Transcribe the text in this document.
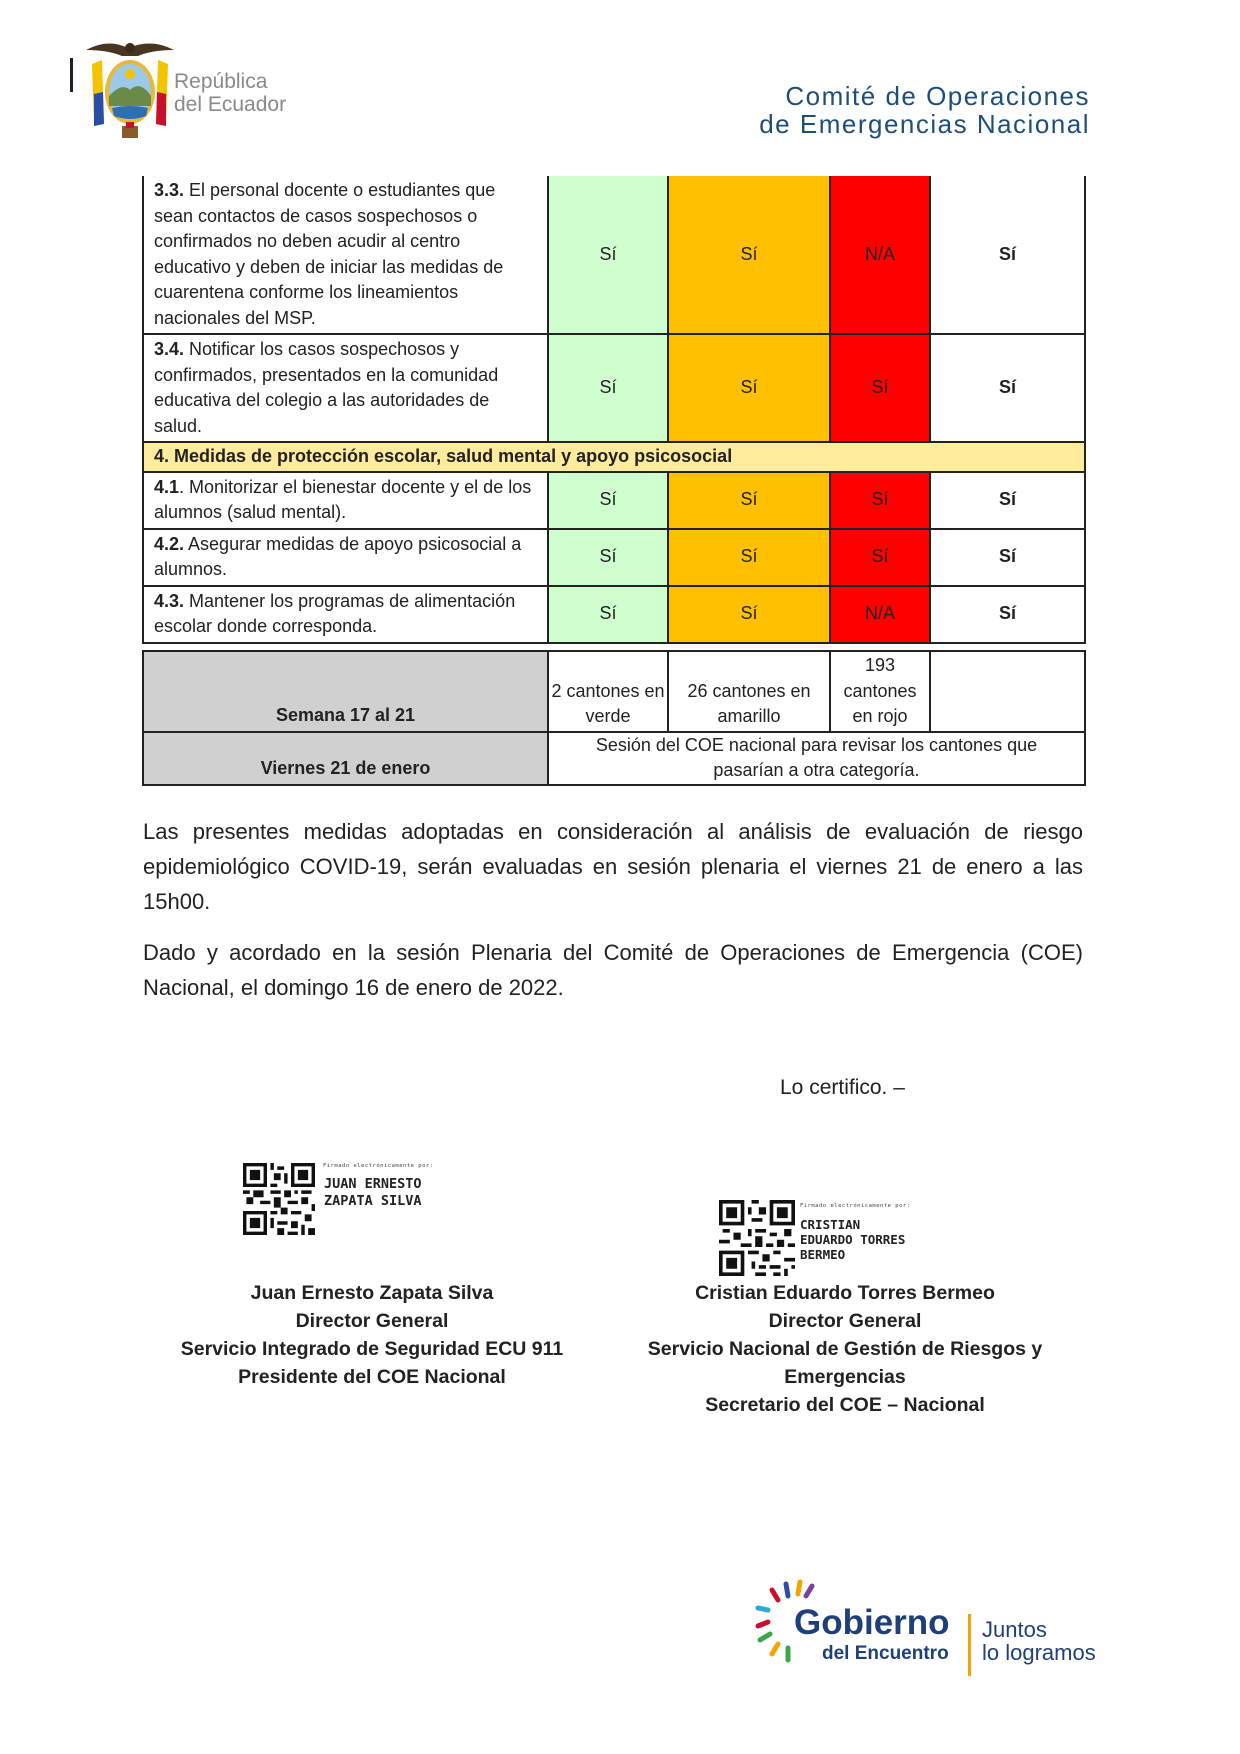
República
del Ecuador	Comité de Operaciones
de Emergencias Nacional
3.3. El personal docente o estudiantes que sean contactos de casos sospechosos o confirmados no deben acudir al centro educativo y deben de iniciar las medidas de cuarentena conforme los lineamientos nacionales del MSP.	Sí	Sí	N/A	Sí
3.4. Notificar los casos sospechosos y confirmados, presentados en la comunidad educativa del colegio a las autoridades de salud.	Sí	Sí	Sí	Sí
4. Medidas de protección escolar, salud mental y apoyo psicosocial				
4.1. Monitorizar el bienestar docente y el de los alumnos (salud mental).	Sí	Sí	Sí	Sí
4.2. Asegurar medidas de apoyo psicosocial a alumnos.	Sí	Sí	Sí	Sí
4.3. Mantener los programas de alimentación escolar donde corresponda.	Sí	Sí	N/A	Sí
Semana 17 al 21	2 cantones en verde	26 cantones en amarillo	193 cantones en rojo	
Viernes 21 de enero	Sesión del COE nacional para revisar los cantones que pasarían a otra categoría.			
Las presentes medidas adoptadas en consideración al análisis de evaluación de riesgo epidemiológico COVID-19, serán evaluadas en sesión plenaria el viernes 21 de enero a las 15h00.
Dado y acordado en la sesión Plenaria del Comité de Operaciones de Emergencia (COE) Nacional, el domingo 16 de enero de 2022.
Lo certifico. –
Firmado electrónicamente por:
JUAN ERNESTO
ZAPATA SILVA
Juan Ernesto Zapata Silva
Director General
Servicio Integrado de Seguridad ECU 911
Presidente del COE Nacional
Firmado electrónicamente por:
CRISTIAN
EDUARDO TORRES
BERMEO
Cristian Eduardo Torres Bermeo
Director General
Servicio Nacional de Gestión de Riesgos y
Emergencias
Secretario del COE – Nacional
Gobierno
del Encuentro
Juntos
lo logramos
